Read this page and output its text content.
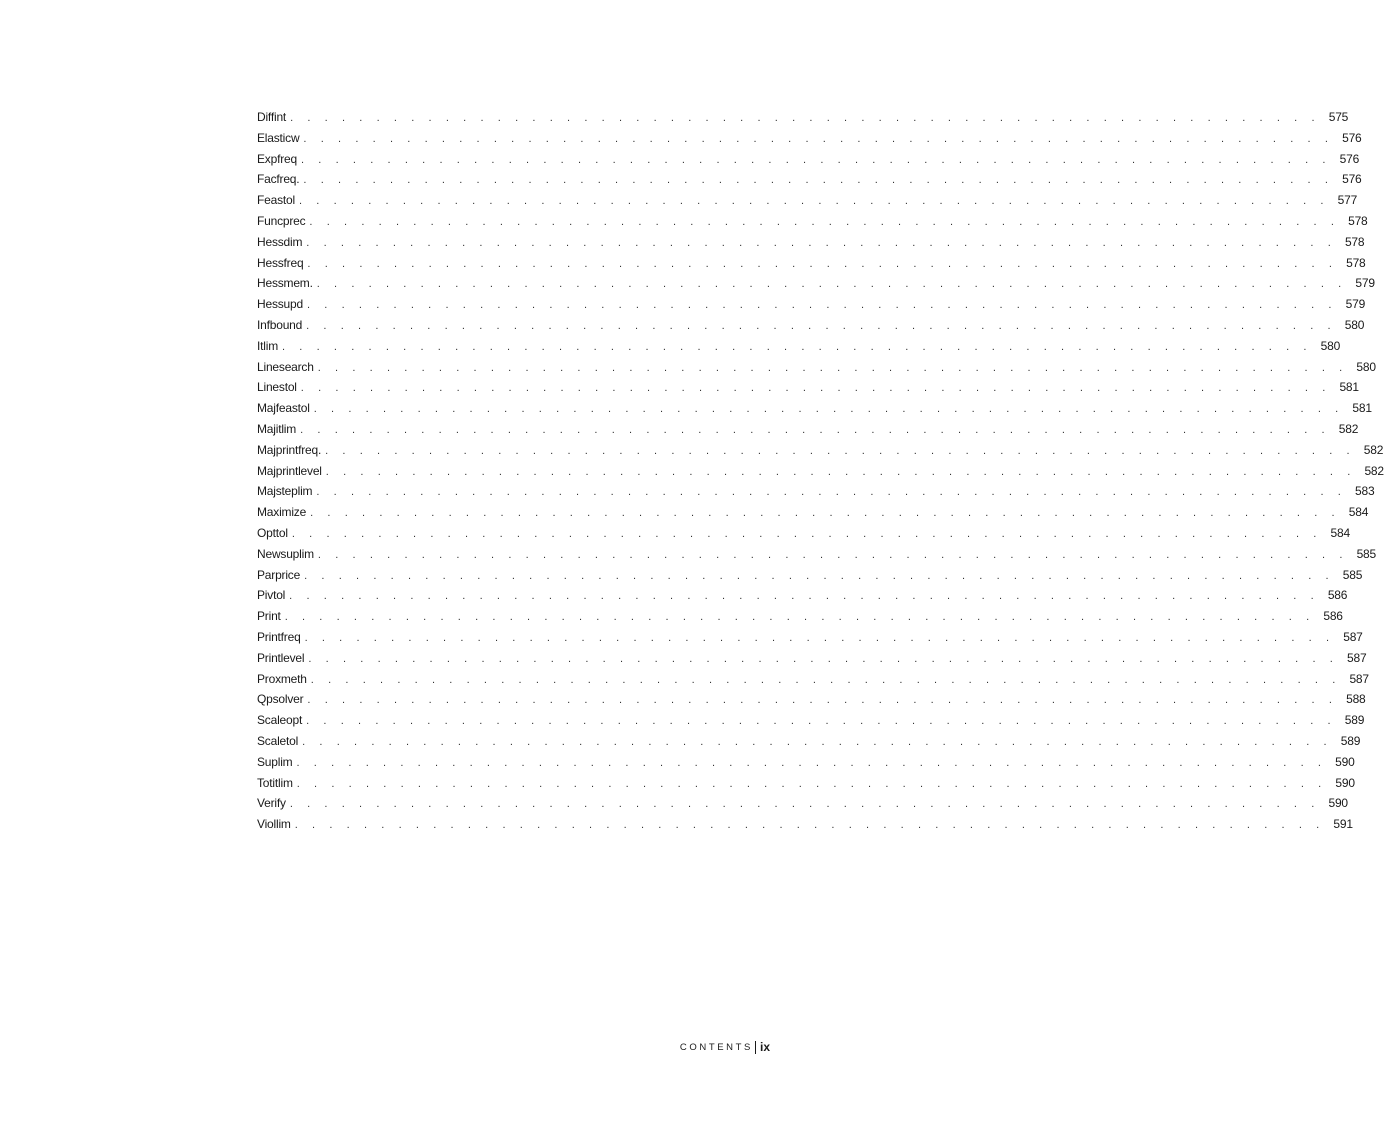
Diffint . . . . . . . . . . . . . . . . . . . . . . . . . . . . . . . . . . . . . . . . . . . . . . . . . . . . . . . . . . . . 575
Elasticw . . . . . . . . . . . . . . . . . . . . . . . . . . . . . . . . . . . . . . . . . . . . . . . . . . . . . . . . . . . . 576
Expfreq . . . . . . . . . . . . . . . . . . . . . . . . . . . . . . . . . . . . . . . . . . . . . . . . . . . . . . . . . . . . 576
Facfreq. . . . . . . . . . . . . . . . . . . . . . . . . . . . . . . . . . . . . . . . . . . . . . . . . . . . . . . . . . . . . 576
Feastol . . . . . . . . . . . . . . . . . . . . . . . . . . . . . . . . . . . . . . . . . . . . . . . . . . . . . . . . . . . . 577
Funcprec . . . . . . . . . . . . . . . . . . . . . . . . . . . . . . . . . . . . . . . . . . . . . . . . . . . . . . . . . . . . 578
Hessdim . . . . . . . . . . . . . . . . . . . . . . . . . . . . . . . . . . . . . . . . . . . . . . . . . . . . . . . . . . . . 578
Hessfreq . . . . . . . . . . . . . . . . . . . . . . . . . . . . . . . . . . . . . . . . . . . . . . . . . . . . . . . . . . . . 578
Hessmem. . . . . . . . . . . . . . . . . . . . . . . . . . . . . . . . . . . . . . . . . . . . . . . . . . . . . . . . . . . . . 579
Hessupd . . . . . . . . . . . . . . . . . . . . . . . . . . . . . . . . . . . . . . . . . . . . . . . . . . . . . . . . . . . . 579
Infbound . . . . . . . . . . . . . . . . . . . . . . . . . . . . . . . . . . . . . . . . . . . . . . . . . . . . . . . . . . . . 580
Itlim . . . . . . . . . . . . . . . . . . . . . . . . . . . . . . . . . . . . . . . . . . . . . . . . . . . . . . . . . . . . 580
Linesearch . . . . . . . . . . . . . . . . . . . . . . . . . . . . . . . . . . . . . . . . . . . . . . . . . . . . . . . . . . . . 580
Linestol . . . . . . . . . . . . . . . . . . . . . . . . . . . . . . . . . . . . . . . . . . . . . . . . . . . . . . . . . . . . 581
Majfeastol . . . . . . . . . . . . . . . . . . . . . . . . . . . . . . . . . . . . . . . . . . . . . . . . . . . . . . . . . . . . 581
Majitlim . . . . . . . . . . . . . . . . . . . . . . . . . . . . . . . . . . . . . . . . . . . . . . . . . . . . . . . . . . . . 582
Majprintfreq. . . . . . . . . . . . . . . . . . . . . . . . . . . . . . . . . . . . . . . . . . . . . . . . . . . . . . . . . . . . . 582
Majprintlevel . . . . . . . . . . . . . . . . . . . . . . . . . . . . . . . . . . . . . . . . . . . . . . . . . . . . . . . . . . . . 582
Majsteplim . . . . . . . . . . . . . . . . . . . . . . . . . . . . . . . . . . . . . . . . . . . . . . . . . . . . . . . . . . . . 583
Maximize . . . . . . . . . . . . . . . . . . . . . . . . . . . . . . . . . . . . . . . . . . . . . . . . . . . . . . . . . . . . 584
Opttol . . . . . . . . . . . . . . . . . . . . . . . . . . . . . . . . . . . . . . . . . . . . . . . . . . . . . . . . . . . . 584
Newsuplim . . . . . . . . . . . . . . . . . . . . . . . . . . . . . . . . . . . . . . . . . . . . . . . . . . . . . . . . . . . . 585
Parprice . . . . . . . . . . . . . . . . . . . . . . . . . . . . . . . . . . . . . . . . . . . . . . . . . . . . . . . . . . . . 585
Pivtol . . . . . . . . . . . . . . . . . . . . . . . . . . . . . . . . . . . . . . . . . . . . . . . . . . . . . . . . . . . . 586
Print . . . . . . . . . . . . . . . . . . . . . . . . . . . . . . . . . . . . . . . . . . . . . . . . . . . . . . . . . . . . 586
Printfreq . . . . . . . . . . . . . . . . . . . . . . . . . . . . . . . . . . . . . . . . . . . . . . . . . . . . . . . . . . . . 587
Printlevel . . . . . . . . . . . . . . . . . . . . . . . . . . . . . . . . . . . . . . . . . . . . . . . . . . . . . . . . . . . . 587
Proxmeth . . . . . . . . . . . . . . . . . . . . . . . . . . . . . . . . . . . . . . . . . . . . . . . . . . . . . . . . . . . . 587
Qpsolver . . . . . . . . . . . . . . . . . . . . . . . . . . . . . . . . . . . . . . . . . . . . . . . . . . . . . . . . . . . . 588
Scaleopt . . . . . . . . . . . . . . . . . . . . . . . . . . . . . . . . . . . . . . . . . . . . . . . . . . . . . . . . . . . . 589
Scaletol . . . . . . . . . . . . . . . . . . . . . . . . . . . . . . . . . . . . . . . . . . . . . . . . . . . . . . . . . . . . 589
Suplim . . . . . . . . . . . . . . . . . . . . . . . . . . . . . . . . . . . . . . . . . . . . . . . . . . . . . . . . . . . . 590
Totitlim . . . . . . . . . . . . . . . . . . . . . . . . . . . . . . . . . . . . . . . . . . . . . . . . . . . . . . . . . . . . 590
Verify . . . . . . . . . . . . . . . . . . . . . . . . . . . . . . . . . . . . . . . . . . . . . . . . . . . . . . . . . . . . 590
Viollim . . . . . . . . . . . . . . . . . . . . . . . . . . . . . . . . . . . . . . . . . . . . . . . . . . . . . . . . . . . . 591
CONTENTS ix
